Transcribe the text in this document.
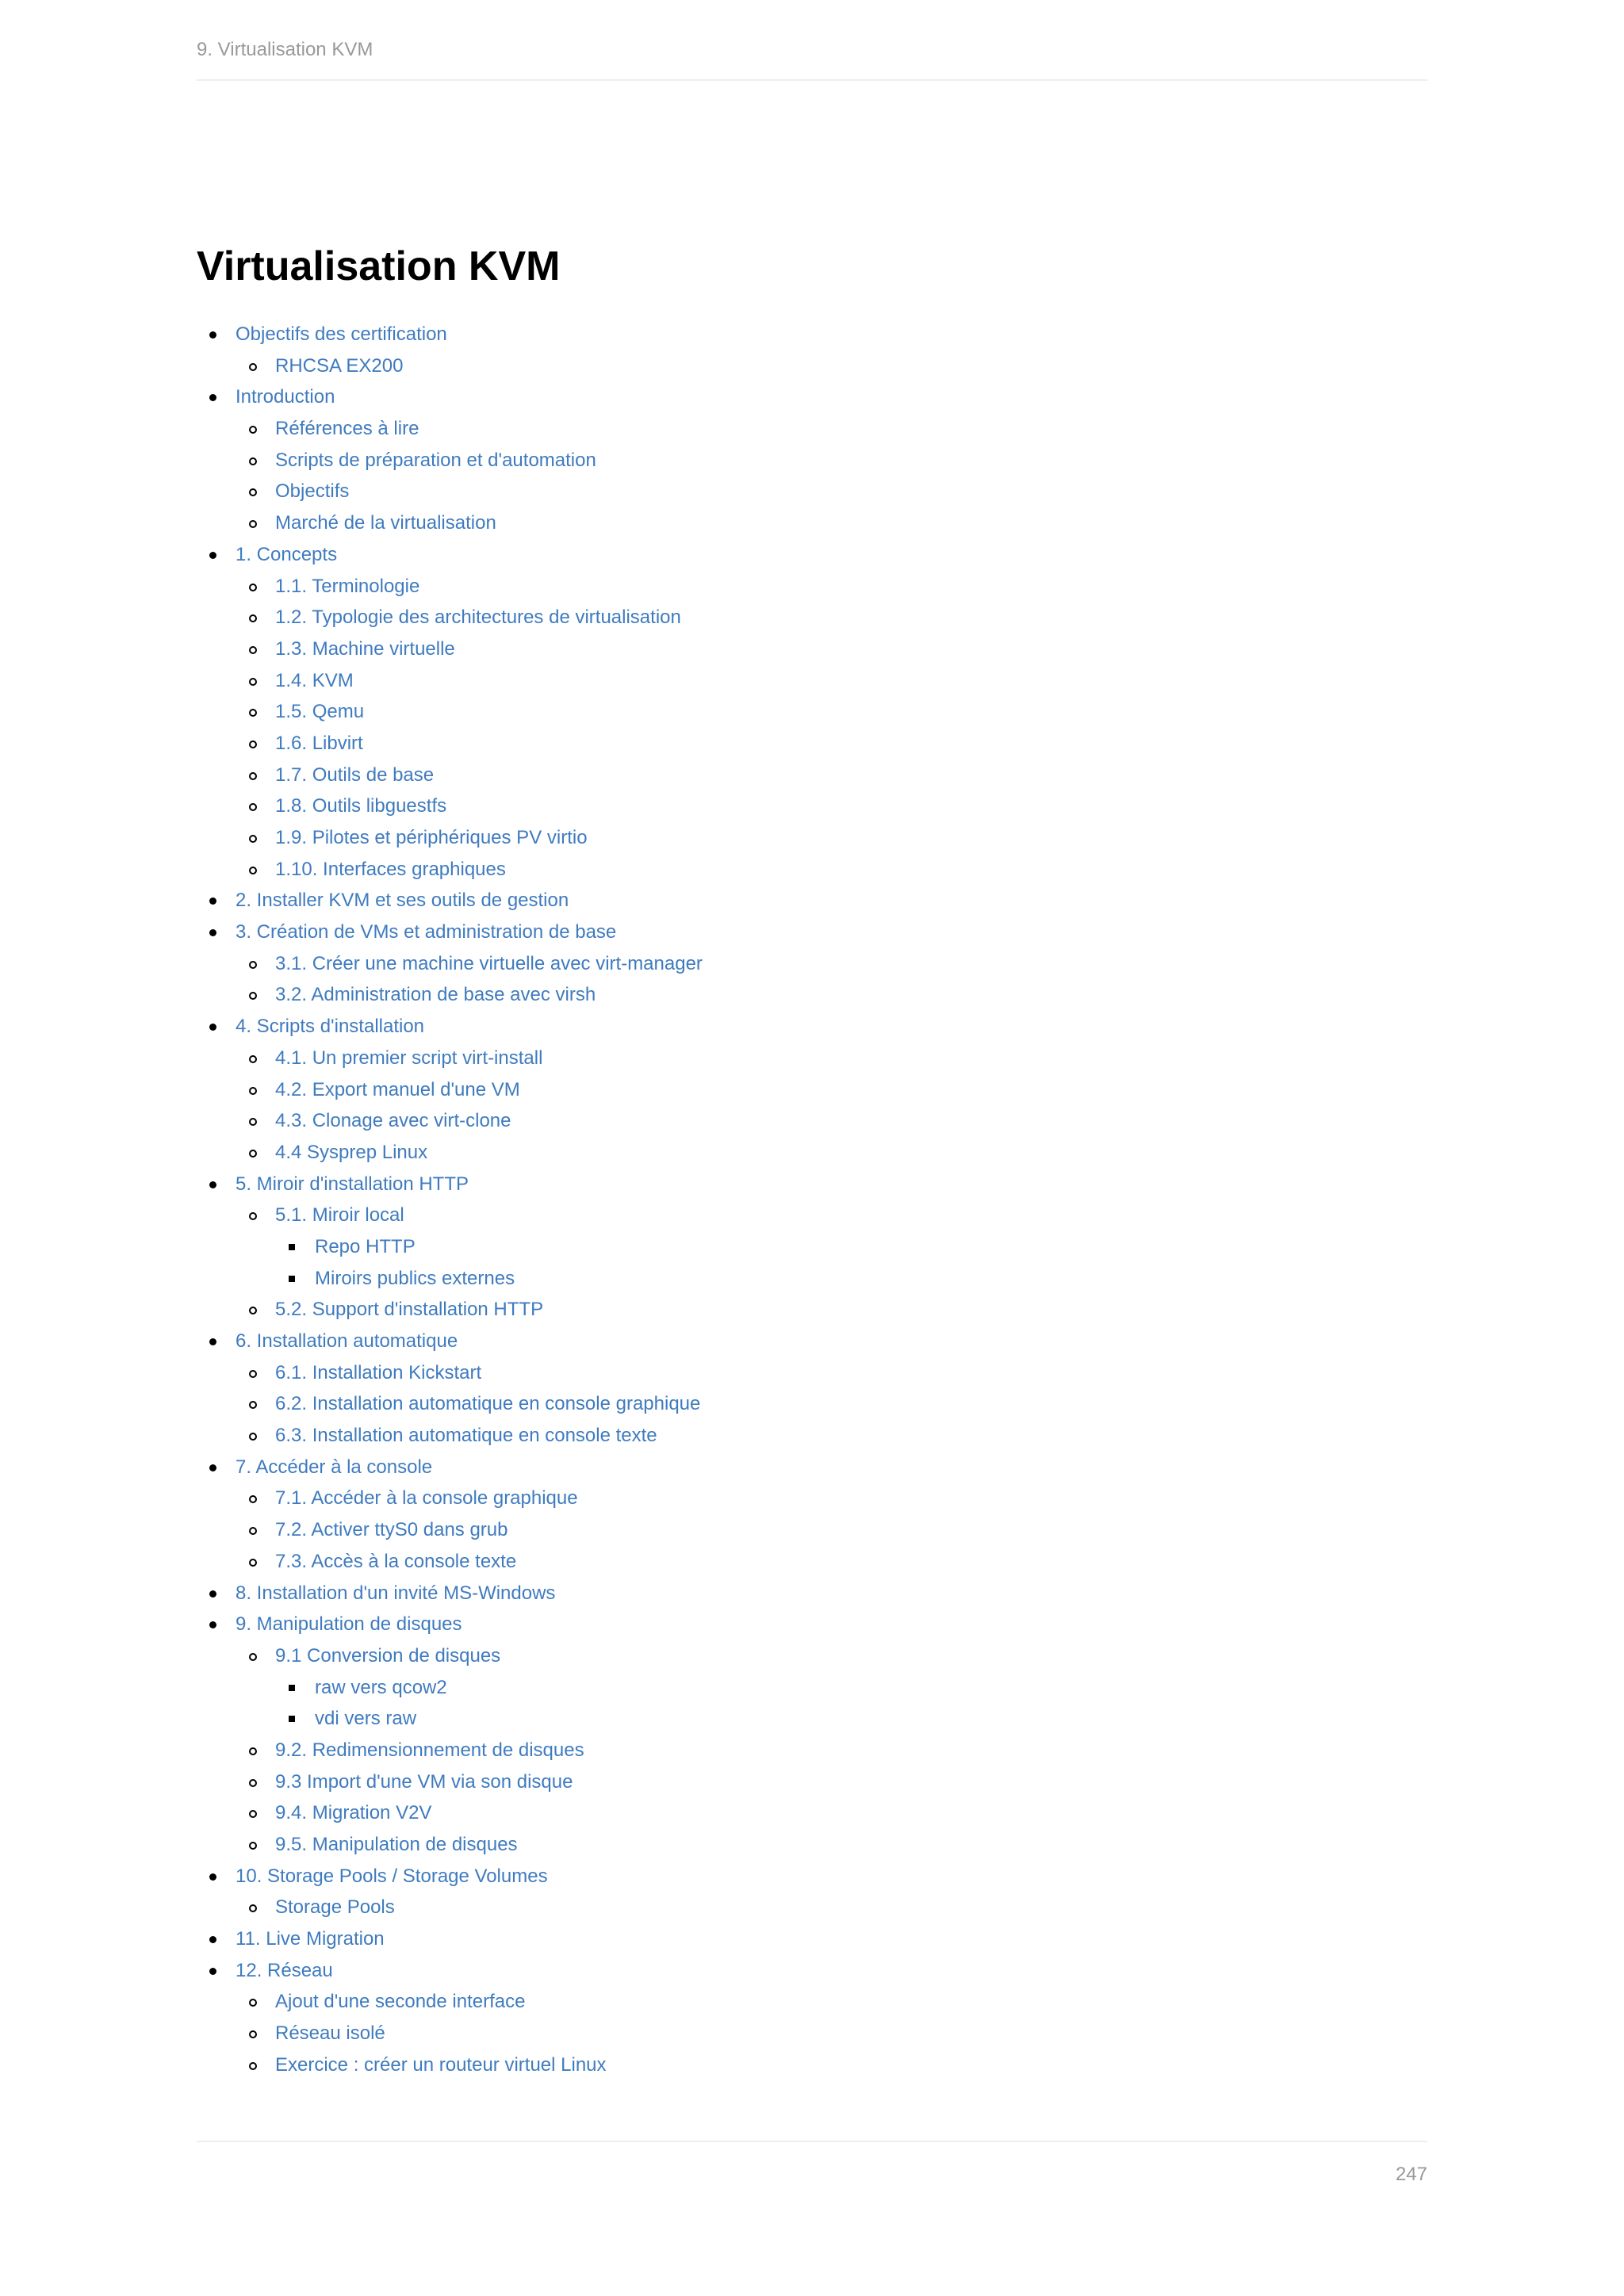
9. Virtualisation KVM
Virtualisation KVM
Objectifs des certification
RHCSA EX200
Introduction
Références à lire
Scripts de préparation et d'automation
Objectifs
Marché de la virtualisation
1. Concepts
1.1. Terminologie
1.2. Typologie des architectures de virtualisation
1.3. Machine virtuelle
1.4. KVM
1.5. Qemu
1.6. Libvirt
1.7. Outils de base
1.8. Outils libguestfs
1.9. Pilotes et périphériques PV virtio
1.10. Interfaces graphiques
2. Installer KVM et ses outils de gestion
3. Création de VMs et administration de base
3.1. Créer une machine virtuelle avec virt-manager
3.2. Administration de base avec virsh
4. Scripts d'installation
4.1. Un premier script virt-install
4.2. Export manuel d'une VM
4.3. Clonage avec virt-clone
4.4 Sysprep Linux
5. Miroir d'installation HTTP
5.1. Miroir local
Repo HTTP
Miroirs publics externes
5.2. Support d'installation HTTP
6. Installation automatique
6.1. Installation Kickstart
6.2. Installation automatique en console graphique
6.3. Installation automatique en console texte
7. Accéder à la console
7.1. Accéder à la console graphique
7.2. Activer ttyS0 dans grub
7.3. Accès à la console texte
8. Installation d'un invité MS-Windows
9. Manipulation de disques
9.1 Conversion de disques
raw vers qcow2
vdi vers raw
9.2. Redimensionnement de disques
9.3 Import d'une VM via son disque
9.4. Migration V2V
9.5. Manipulation de disques
10. Storage Pools / Storage Volumes
Storage Pools
11. Live Migration
12. Réseau
Ajout d'une seconde interface
Réseau isolé
Exercice : créer un routeur virtuel Linux
247
